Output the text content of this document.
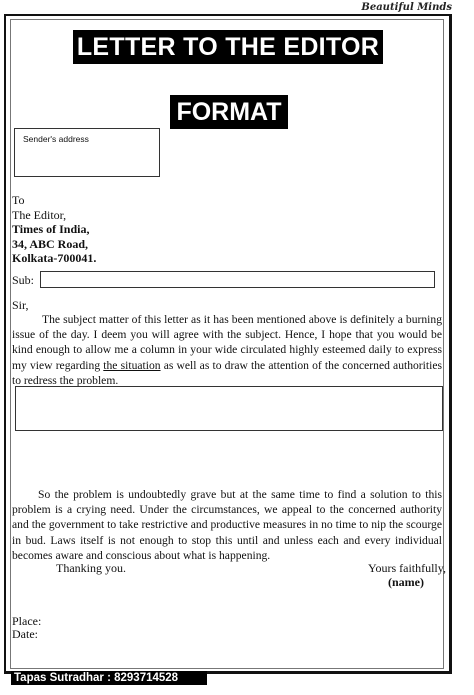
Beautiful Minds
LETTER TO THE EDITOR
FORMAT
Sender's address
To
The Editor,
Times of India,
34, ABC Road,
Kolkata-700041.
Sub:
Sir,

The subject matter of this letter as it has been mentioned above is definitely a burning issue of the day. I deem you will agree with the subject. Hence, I hope that you would be kind enough to allow me a column in your wide circulated highly esteemed daily to express my view regarding the situation as well as to draw the attention of the concerned authorities to redress the problem.

So the problem is undoubtedly grave but at the same time to find a solution to this problem is a crying need. Under the circumstances, we appeal to the concerned authority and the government to take restrictive and productive measures in no time to nip the scourge in bud. Laws itself is not enough to stop this until and unless each and every individual becomes aware and conscious about what is happening.

Thanking you.	Yours faithfully,
(name)
Place:
Date:
Tapas Sutradhar : 8293714528
